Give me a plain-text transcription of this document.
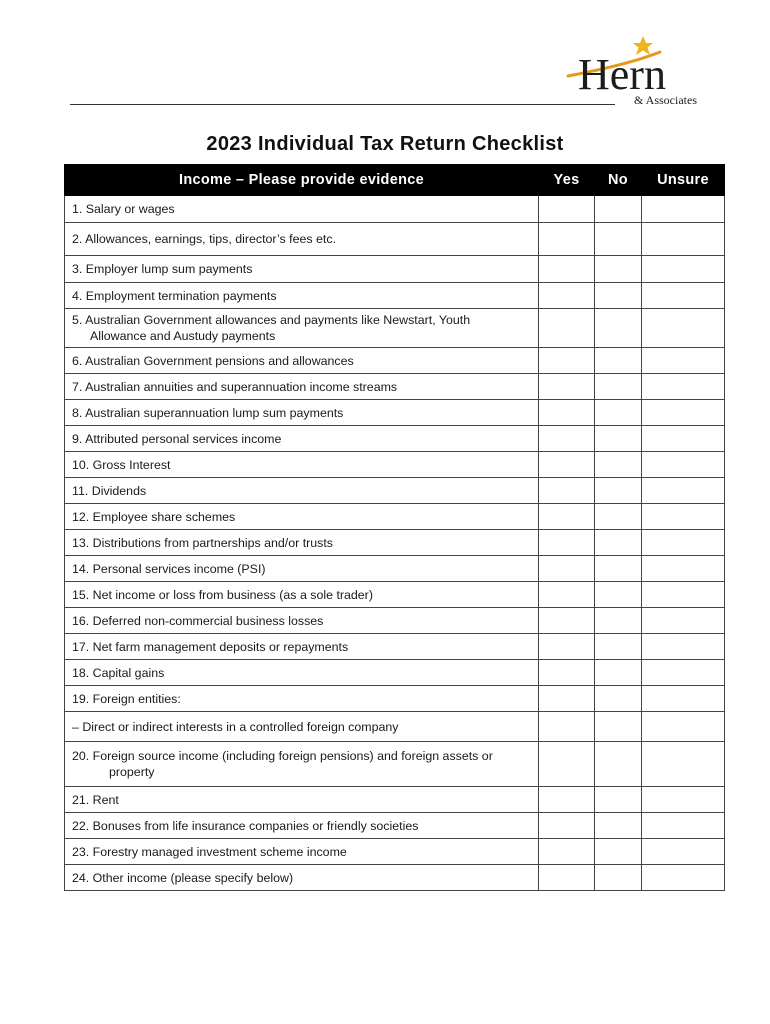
Hern
& Associates
2023 Individual Tax Return Checklist
Income – Please provide evidence	Yes	No	Unsure
1. Salary or wages			
2. Allowances, earnings, tips, director’s fees etc.			
3. Employer lump sum payments			
4. Employment termination payments			
5. Australian Government allowances and payments like Newstart, Youth
Allowance and Austudy payments			

6. Australian Government pensions and allowances			
7. Australian annuities and superannuation income streams			
8. Australian superannuation lump sum payments			
9. Attributed personal services income			
10. Gross Interest			
11. Dividends			
12. Employee share schemes			
13. Distributions from partnerships and/or trusts			
14. Personal services income (PSI)			
15. Net income or loss from business (as a sole trader)			
16. Deferred non-commercial business losses			
17. Net farm management deposits or repayments			
18. Capital gains			
19. Foreign entities:			
– Direct or indirect interests in a controlled foreign company			
20. Foreign source income (including foreign pensions) and foreign assets or
property			

21. Rent			
22. Bonuses from life insurance companies or friendly societies			
23. Forestry managed investment scheme income			
24. Other income (please specify below)			
